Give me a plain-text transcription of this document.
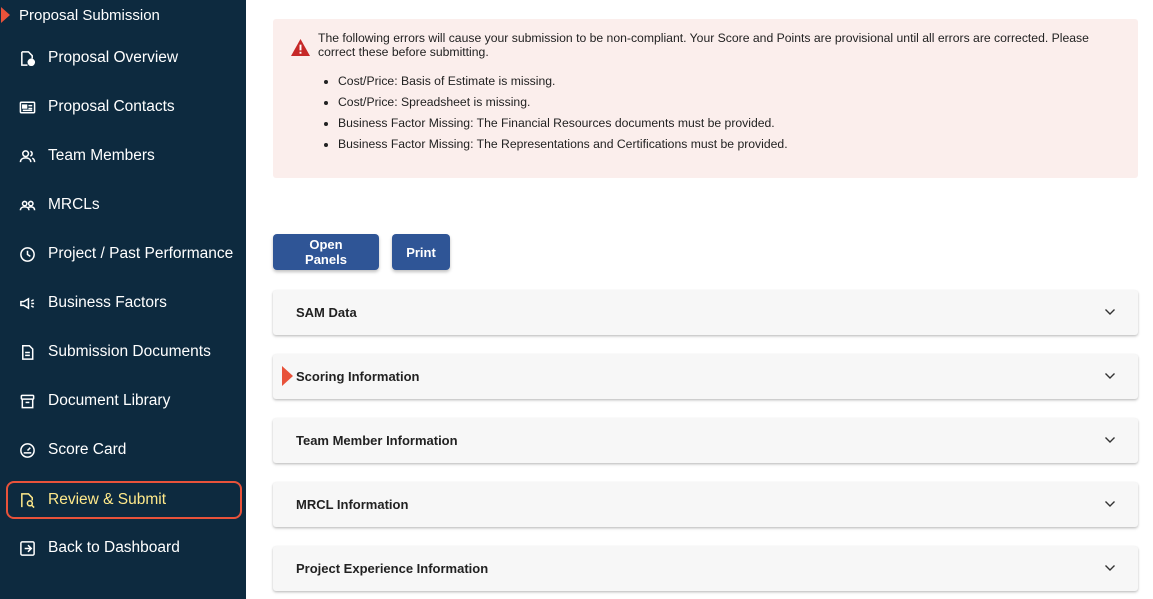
Proposal Submission
Proposal Overview
Proposal Contacts
Team Members
MRCLs
Project / Past Performance
Business Factors
Submission Documents
Document Library
Score Card
Review & Submit
Back to Dashboard

The following errors will cause your submission to be non-compliant. Your Score and Points are provisional until all errors are corrected. Please correct these before submitting.

• Cost/Price: Basis of Estimate is missing.
• Cost/Price: Spreadsheet is missing.
• Business Factor Missing: The Financial Resources documents must be provided.
• Business Factor Missing: The Representations and Certifications must be provided.
Open Panels	Print
SAM Data
Scoring Information
Team Member Information
MRCL Information
Project Experience Information
